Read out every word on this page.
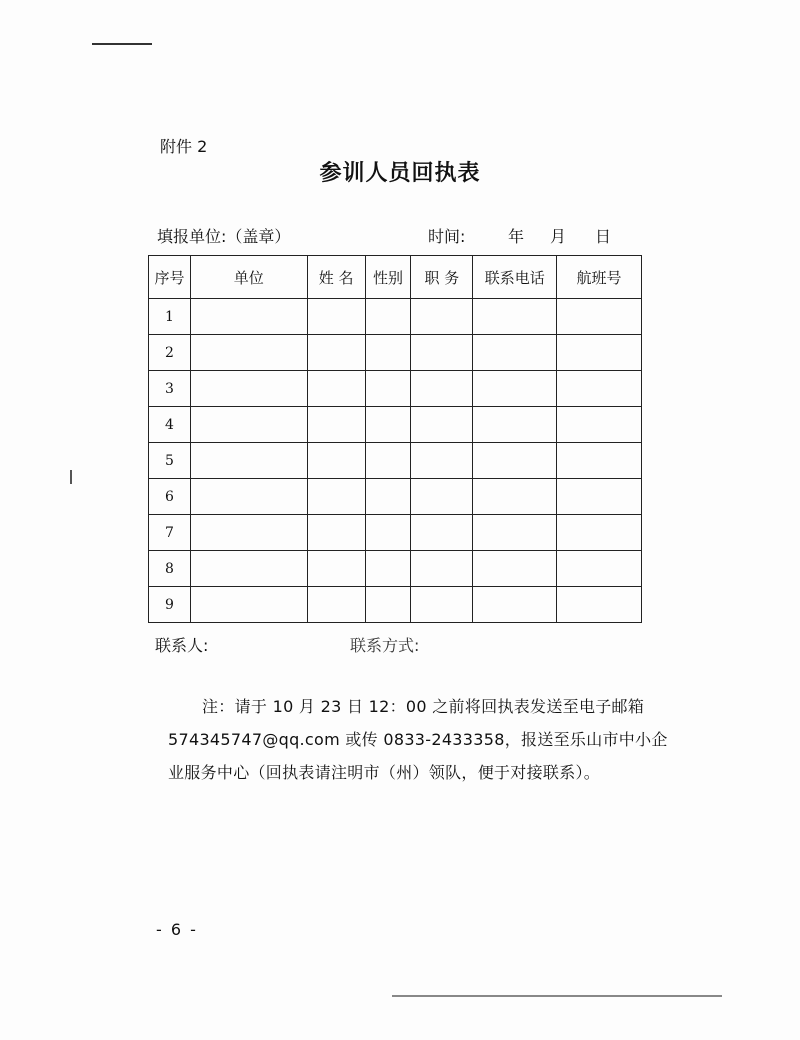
附件 2
参训人员回执表
填报单位:（盖章）	时间:	年 月 日
序号	单位	姓 名	性别	职 务	联系电话	航班号
1						
2						
3						
4						
5						
6						
7						
8						
9						
联系人:	联系方式:
注：请于 10 月 23 日 12：00 之前将回执表发送至电子邮箱
574345747@qq.com 或传 0833-2433358，报送至乐山市中小企
业服务中心（回执表请注明市（州）领队，便于对接联系）。
- 6 -
